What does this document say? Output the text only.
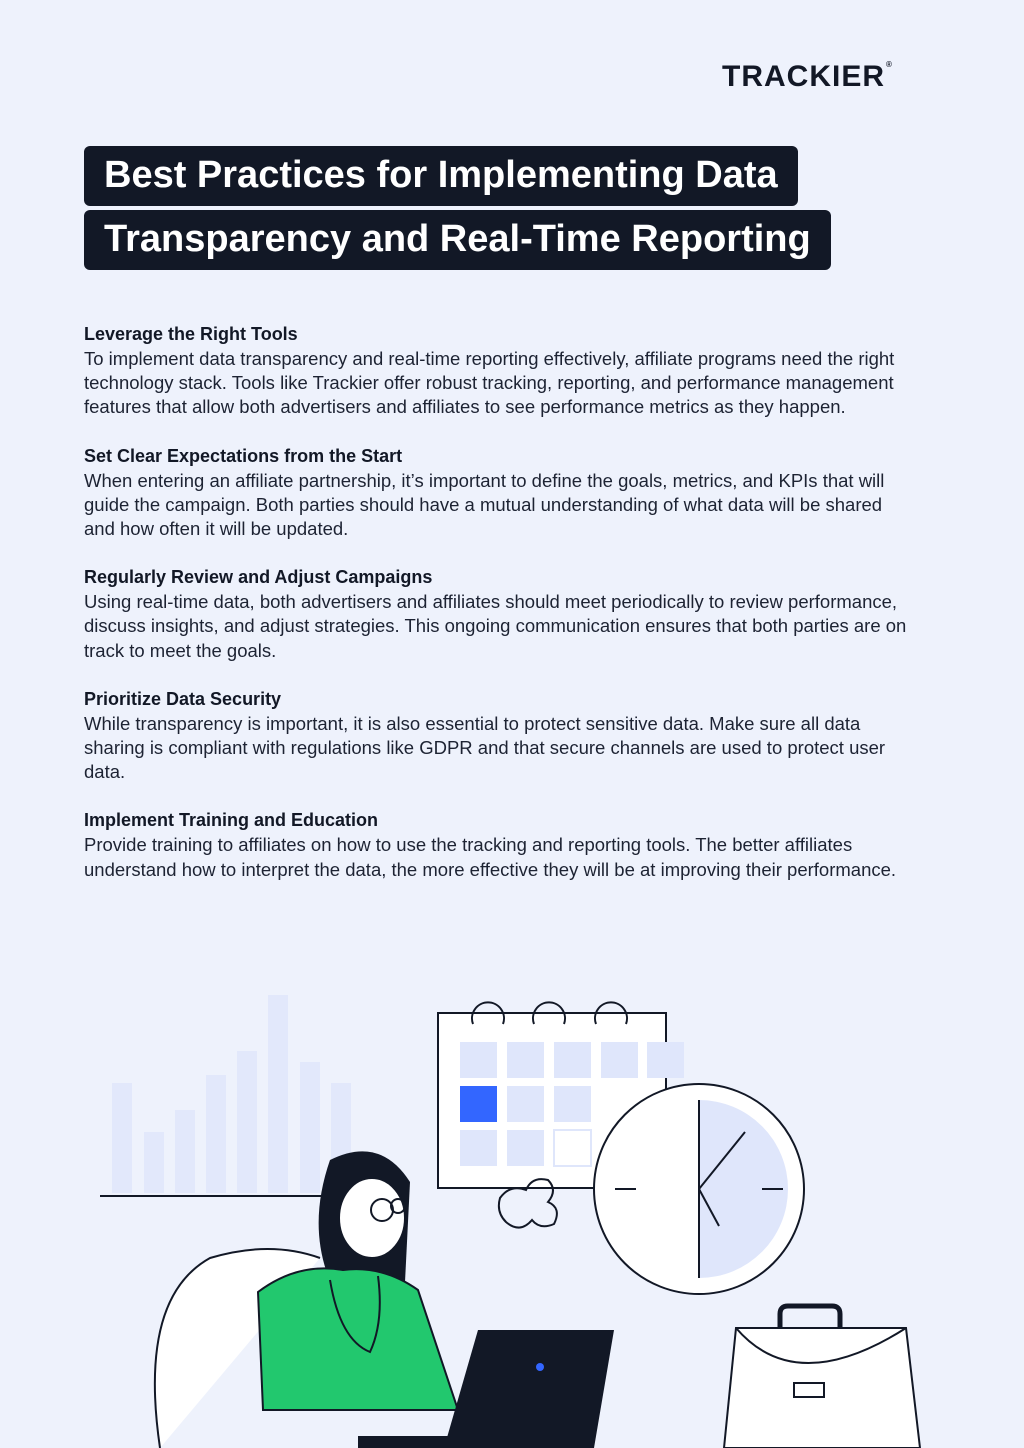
TRACKIER®
Best Practices for Implementing Data
Transparency and Real-Time Reporting
Leverage the Right Tools

To implement data transparency and real-time reporting effectively, affiliate programs need the right technology stack. Tools like Trackier offer robust tracking, reporting, and performance management features that allow both advertisers and affiliates to see performance metrics as they happen.

Set Clear Expectations from the Start

When entering an affiliate partnership, it’s important to define the goals, metrics, and KPIs that will guide the campaign. Both parties should have a mutual understanding of what data will be shared and how often it will be updated.

Regularly Review and Adjust Campaigns

Using real-time data, both advertisers and affiliates should meet periodically to review performance, discuss insights, and adjust strategies. This ongoing communication ensures that both parties are on track to meet the goals.

Prioritize Data Security

While transparency is important, it is also essential to protect sensitive data. Make sure all data sharing is compliant with regulations like GDPR and that secure channels are used to protect user data.

Implement Training and Education

Provide training to affiliates on how to use the tracking and reporting tools. The better affiliates understand how to interpret the data, the more effective they will be at improving their performance.
